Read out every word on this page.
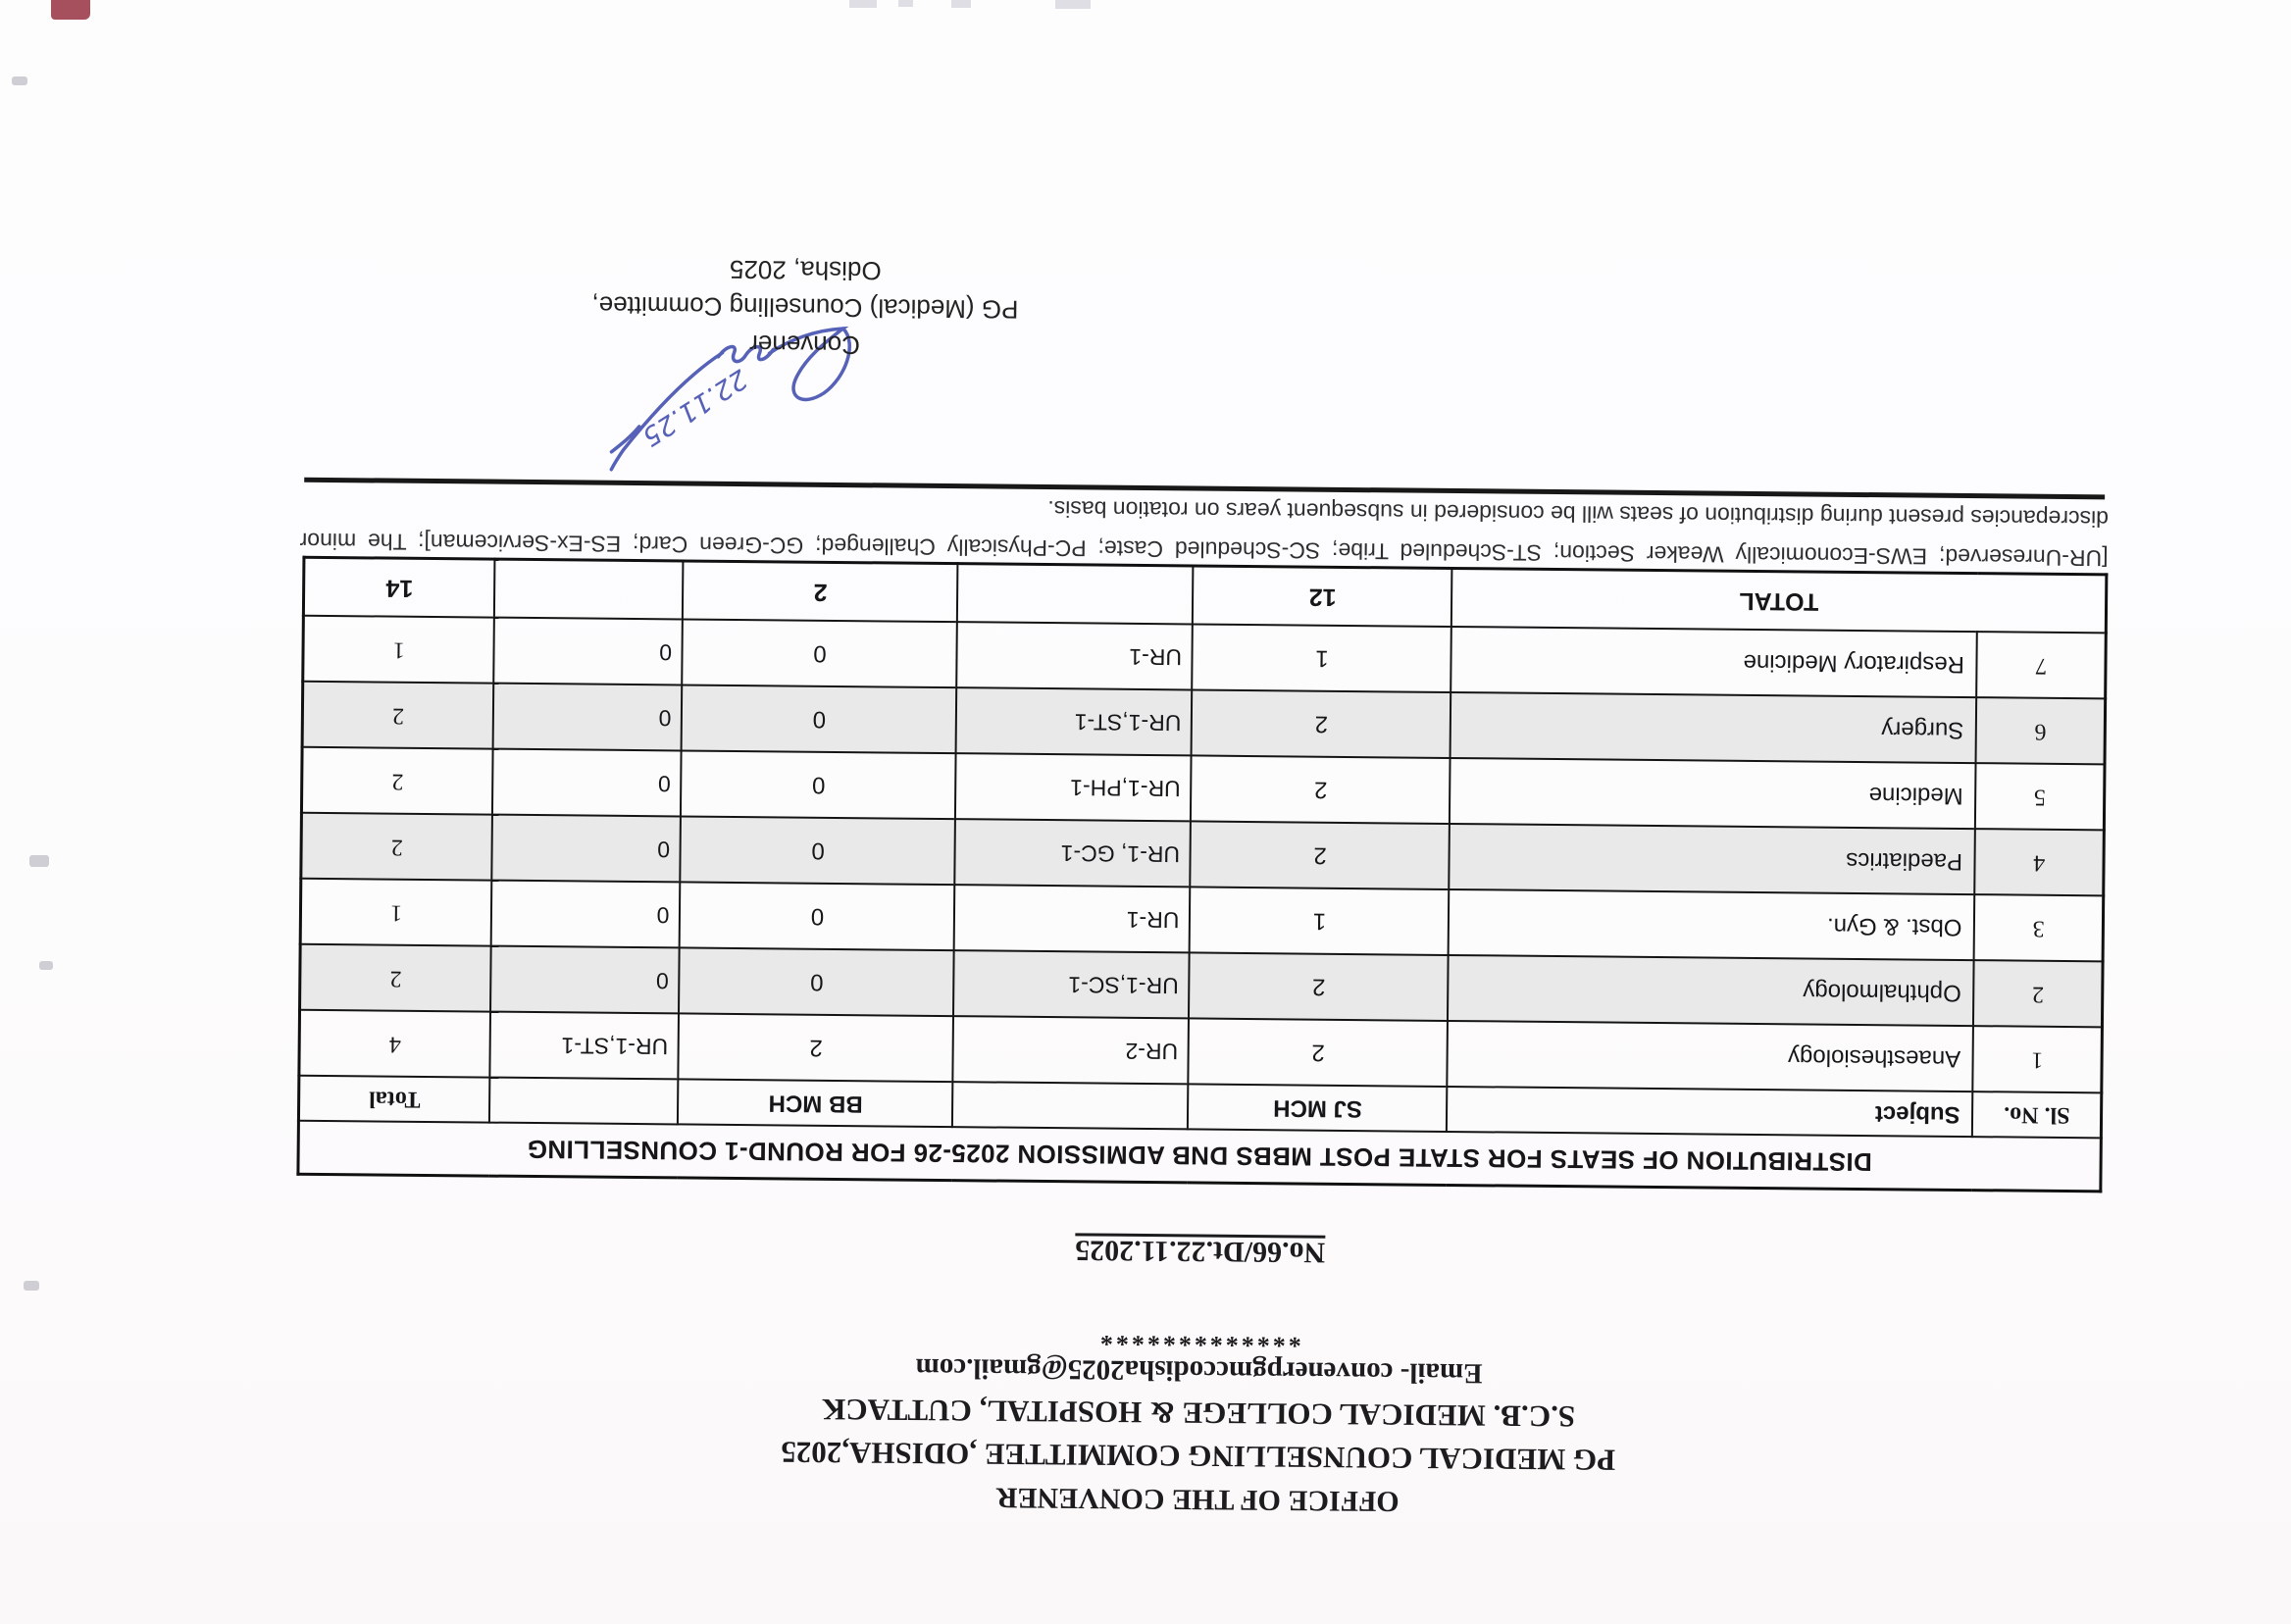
OFFICE OF THE CONVENER
PG MEDICAL COUNSELLING COMMITTEE ,ODISHA,2025
S.C.B. MEDICAL COLLEGE & HOSPITAL, CUTTACK
Email- convenerpgmccodisha2025@gmail.com
*************
No.66/Dt.22.11.2025
DISTRIBUTION OF SEATS FOR STATE POST MBBS DNB ADMISSION 2025-26 FOR ROUND-1 COUNSELLING						
Sl. No.	Subject	SJ MCH		BB MCH		Total
1	Anaesthesiology	2	UR-2	2	UR-1,ST-1	4
2	Ophthalmology	2	UR-1,SC-1	0	0	2
3	Obst. & Gyn.	1	UR-1	0	0	1
4	Paediatrics	2	UR-1, GC-1	0	0	2
5	Medicine	2	UR-1,PH-1	0	0	2
6	Surgery	2	UR-1,ST-1	0	0	2
7	Respiratory Medicine	1	UR-1	0	0	1
TOTAL		12		2		14
[UR-Unreserved; EWS-Economically Weaker Section; ST-Scheduled Tribe; SC-Scheduled Caste; PC-Physically Challenged; GC-Green Card; ES-Ex-Serviceman]; The minor discrepancies present during distribution of seats will be considered in subsequent years on rotation basis.
22.11.25
Convener
PG (Medical) Counselling Committee,
Odisha, 2025
